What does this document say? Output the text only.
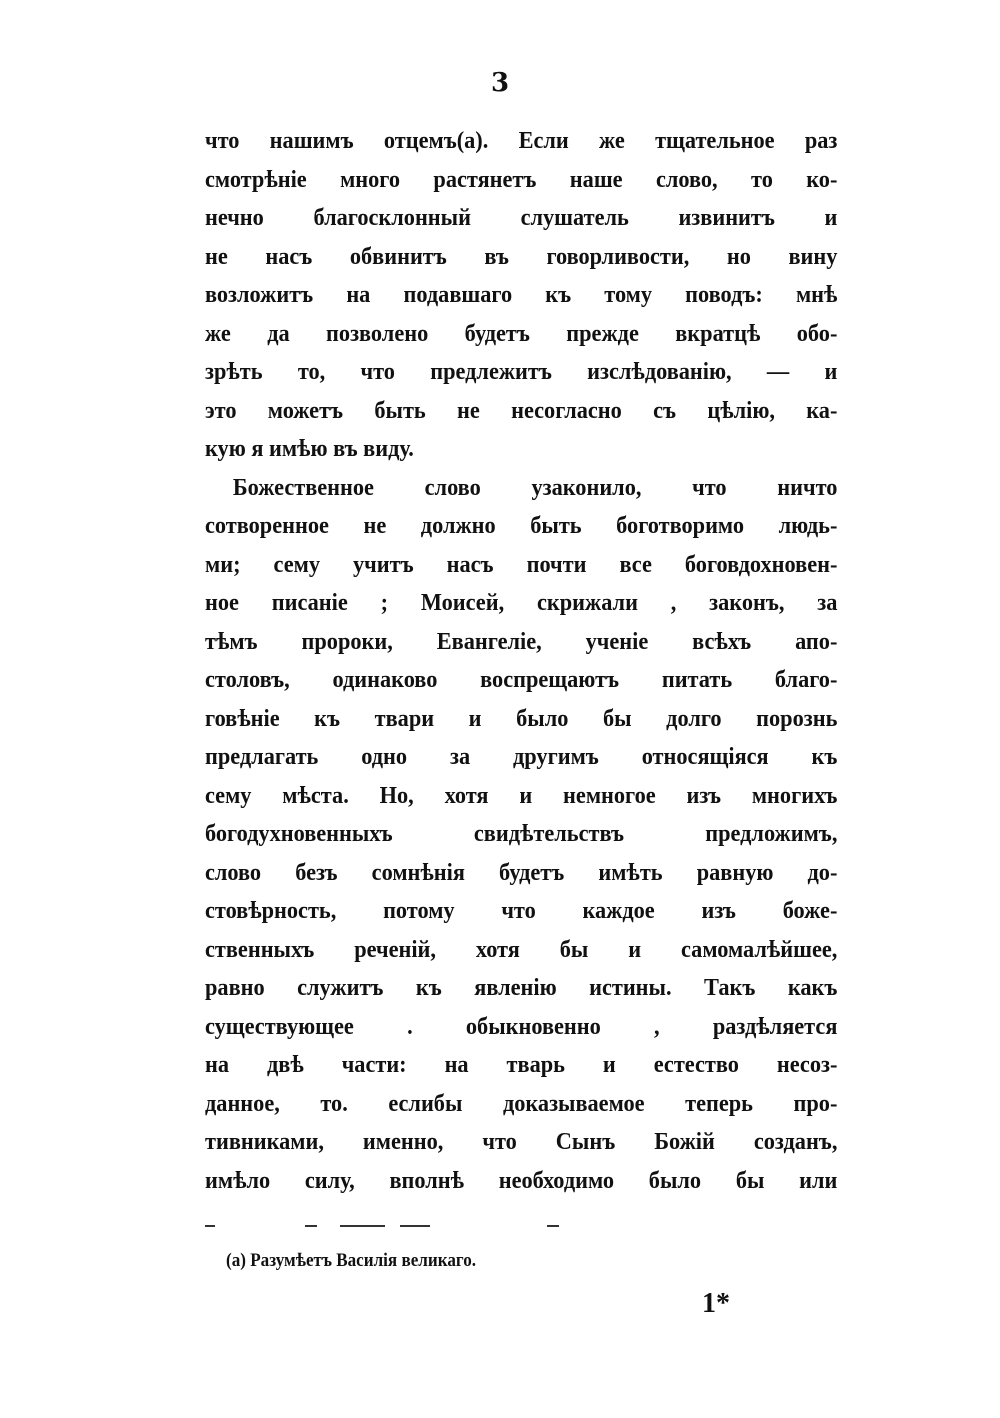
3
что нашимъ отцемъ(а). Если же тщательное раз
смотрѣніе много растянетъ наше слово, то ко-
нечно благосклонный слушатель извинитъ и
не насъ обвинитъ въ говорливости, но вину
возложитъ на подавшаго къ тому поводъ: мнѣ
же да позволено будетъ прежде вкратцѣ обо-
зрѣть то, что предлежитъ изслѣдованію, — и
это можетъ быть не несогласно съ цѣлію, ка-
кую я имѣю въ виду.
Божественное слово узаконило, что ничто
сотворенное не должно быть боготворимо людь-
ми; сему учитъ насъ почти все боговдохновен-
ное писаніе ; Моисей, скрижали , законъ, за
тѣмъ пророки, Евангеліе, ученіе всѣхъ апо-
столовъ, одинаково воспрещаютъ питать благо-
говѣніе къ твари и было бы долго порознь
предлагать одно за другимъ относящіяся къ
сему мѣста. Но, хотя и немногое изъ многихъ
богодухновенныхъ свидѣтельствъ предложимъ,
слово безъ сомнѣнія будетъ имѣть равную до-
стовѣрность, потому что каждое изъ боже-
ственныхъ реченій, хотя бы и самомалѣйшее,
равно служитъ къ явленію истины. Такъ какъ
существующее . обыкновенно , раздѣляется
на двѣ части: на тварь и естество несоз-
данное, то. еслибы доказываемое теперь про-
тивниками, именно, что Сынъ Божій созданъ,
имѣло силу, вполнѣ необходимо было бы или
(а) Разумѣетъ Василія великаго.
1*
